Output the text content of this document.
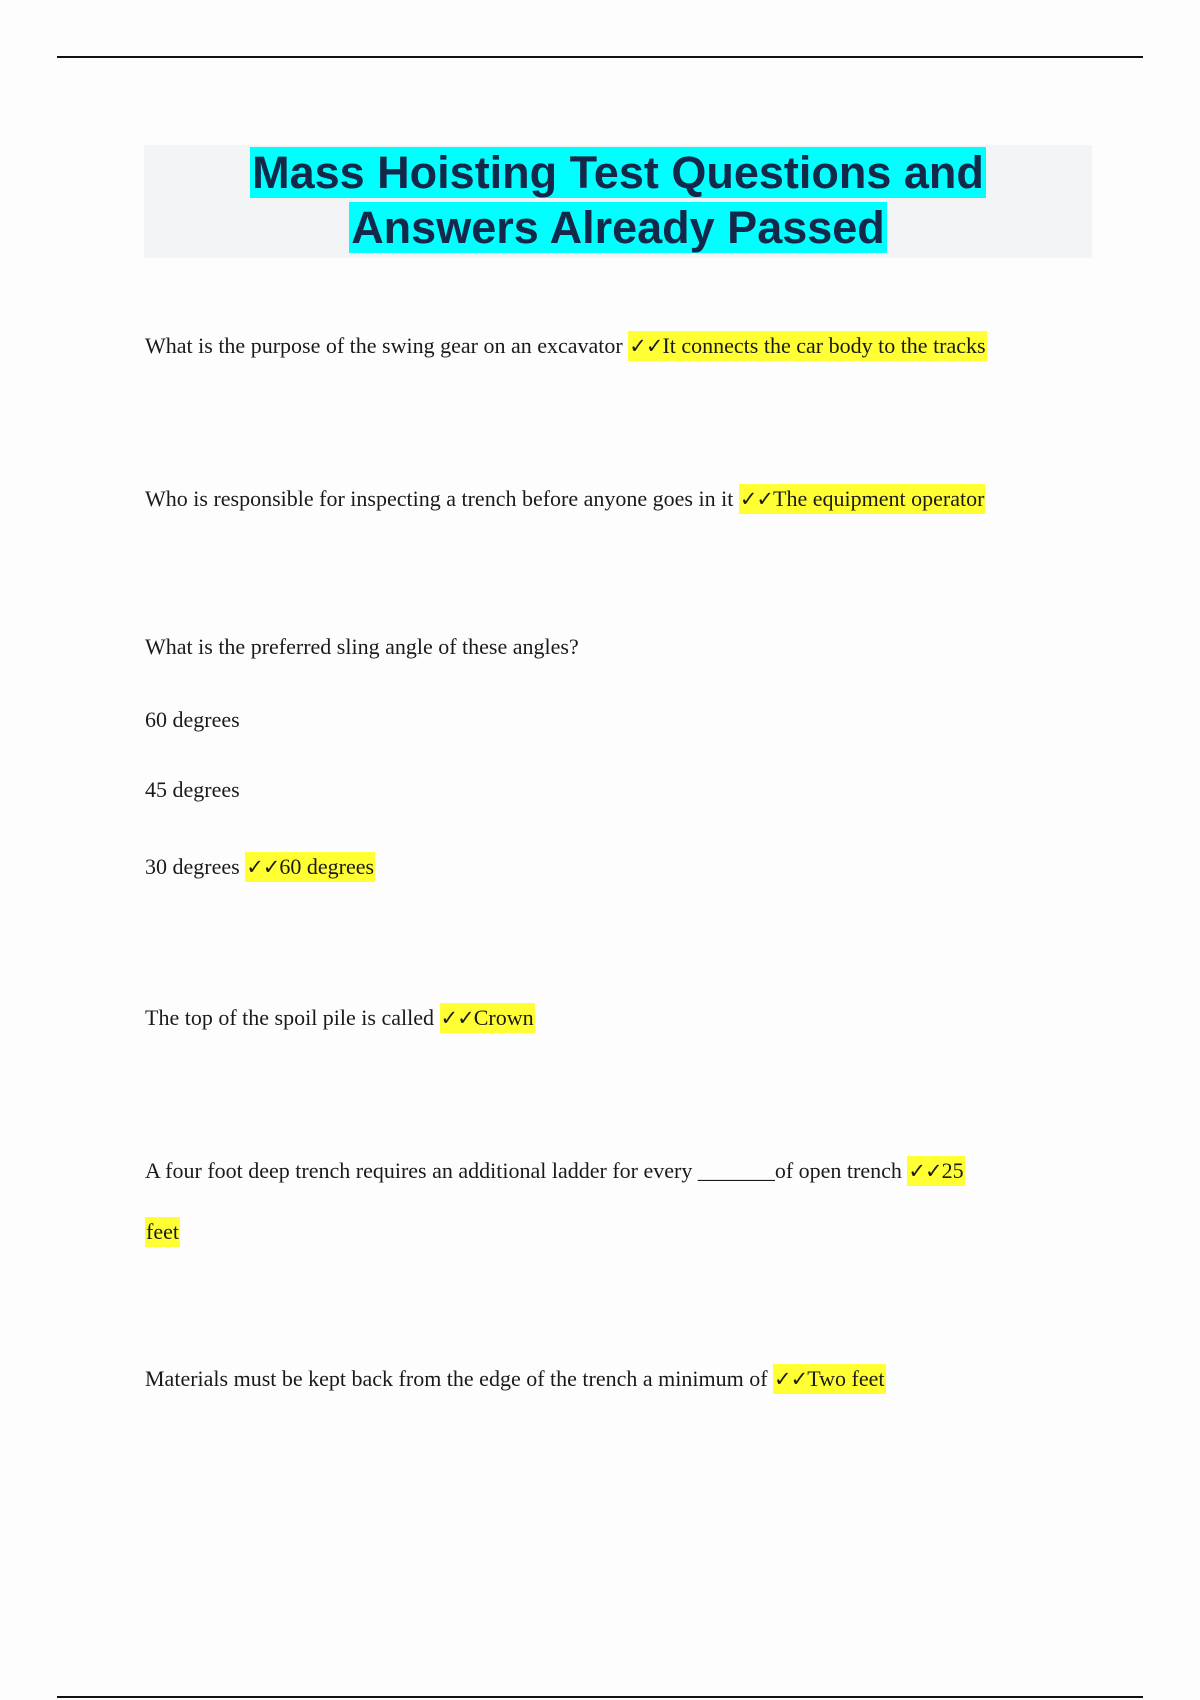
Mass Hoisting Test Questions and
Answers Already Passed

What is the purpose of the swing gear on an excavator ✓✓It connects the car body to the tracks

Who is responsible for inspecting a trench before anyone goes in it ✓✓The equipment operator

What is the preferred sling angle of these angles?

60 degrees

45 degrees

30 degrees ✓✓60 degrees

The top of the spoil pile is called ✓✓Crown

A four foot deep trench requires an additional ladder for every _______of open trench ✓✓25

feet

Materials must be kept back from the edge of the trench a minimum of ✓✓Two feet
